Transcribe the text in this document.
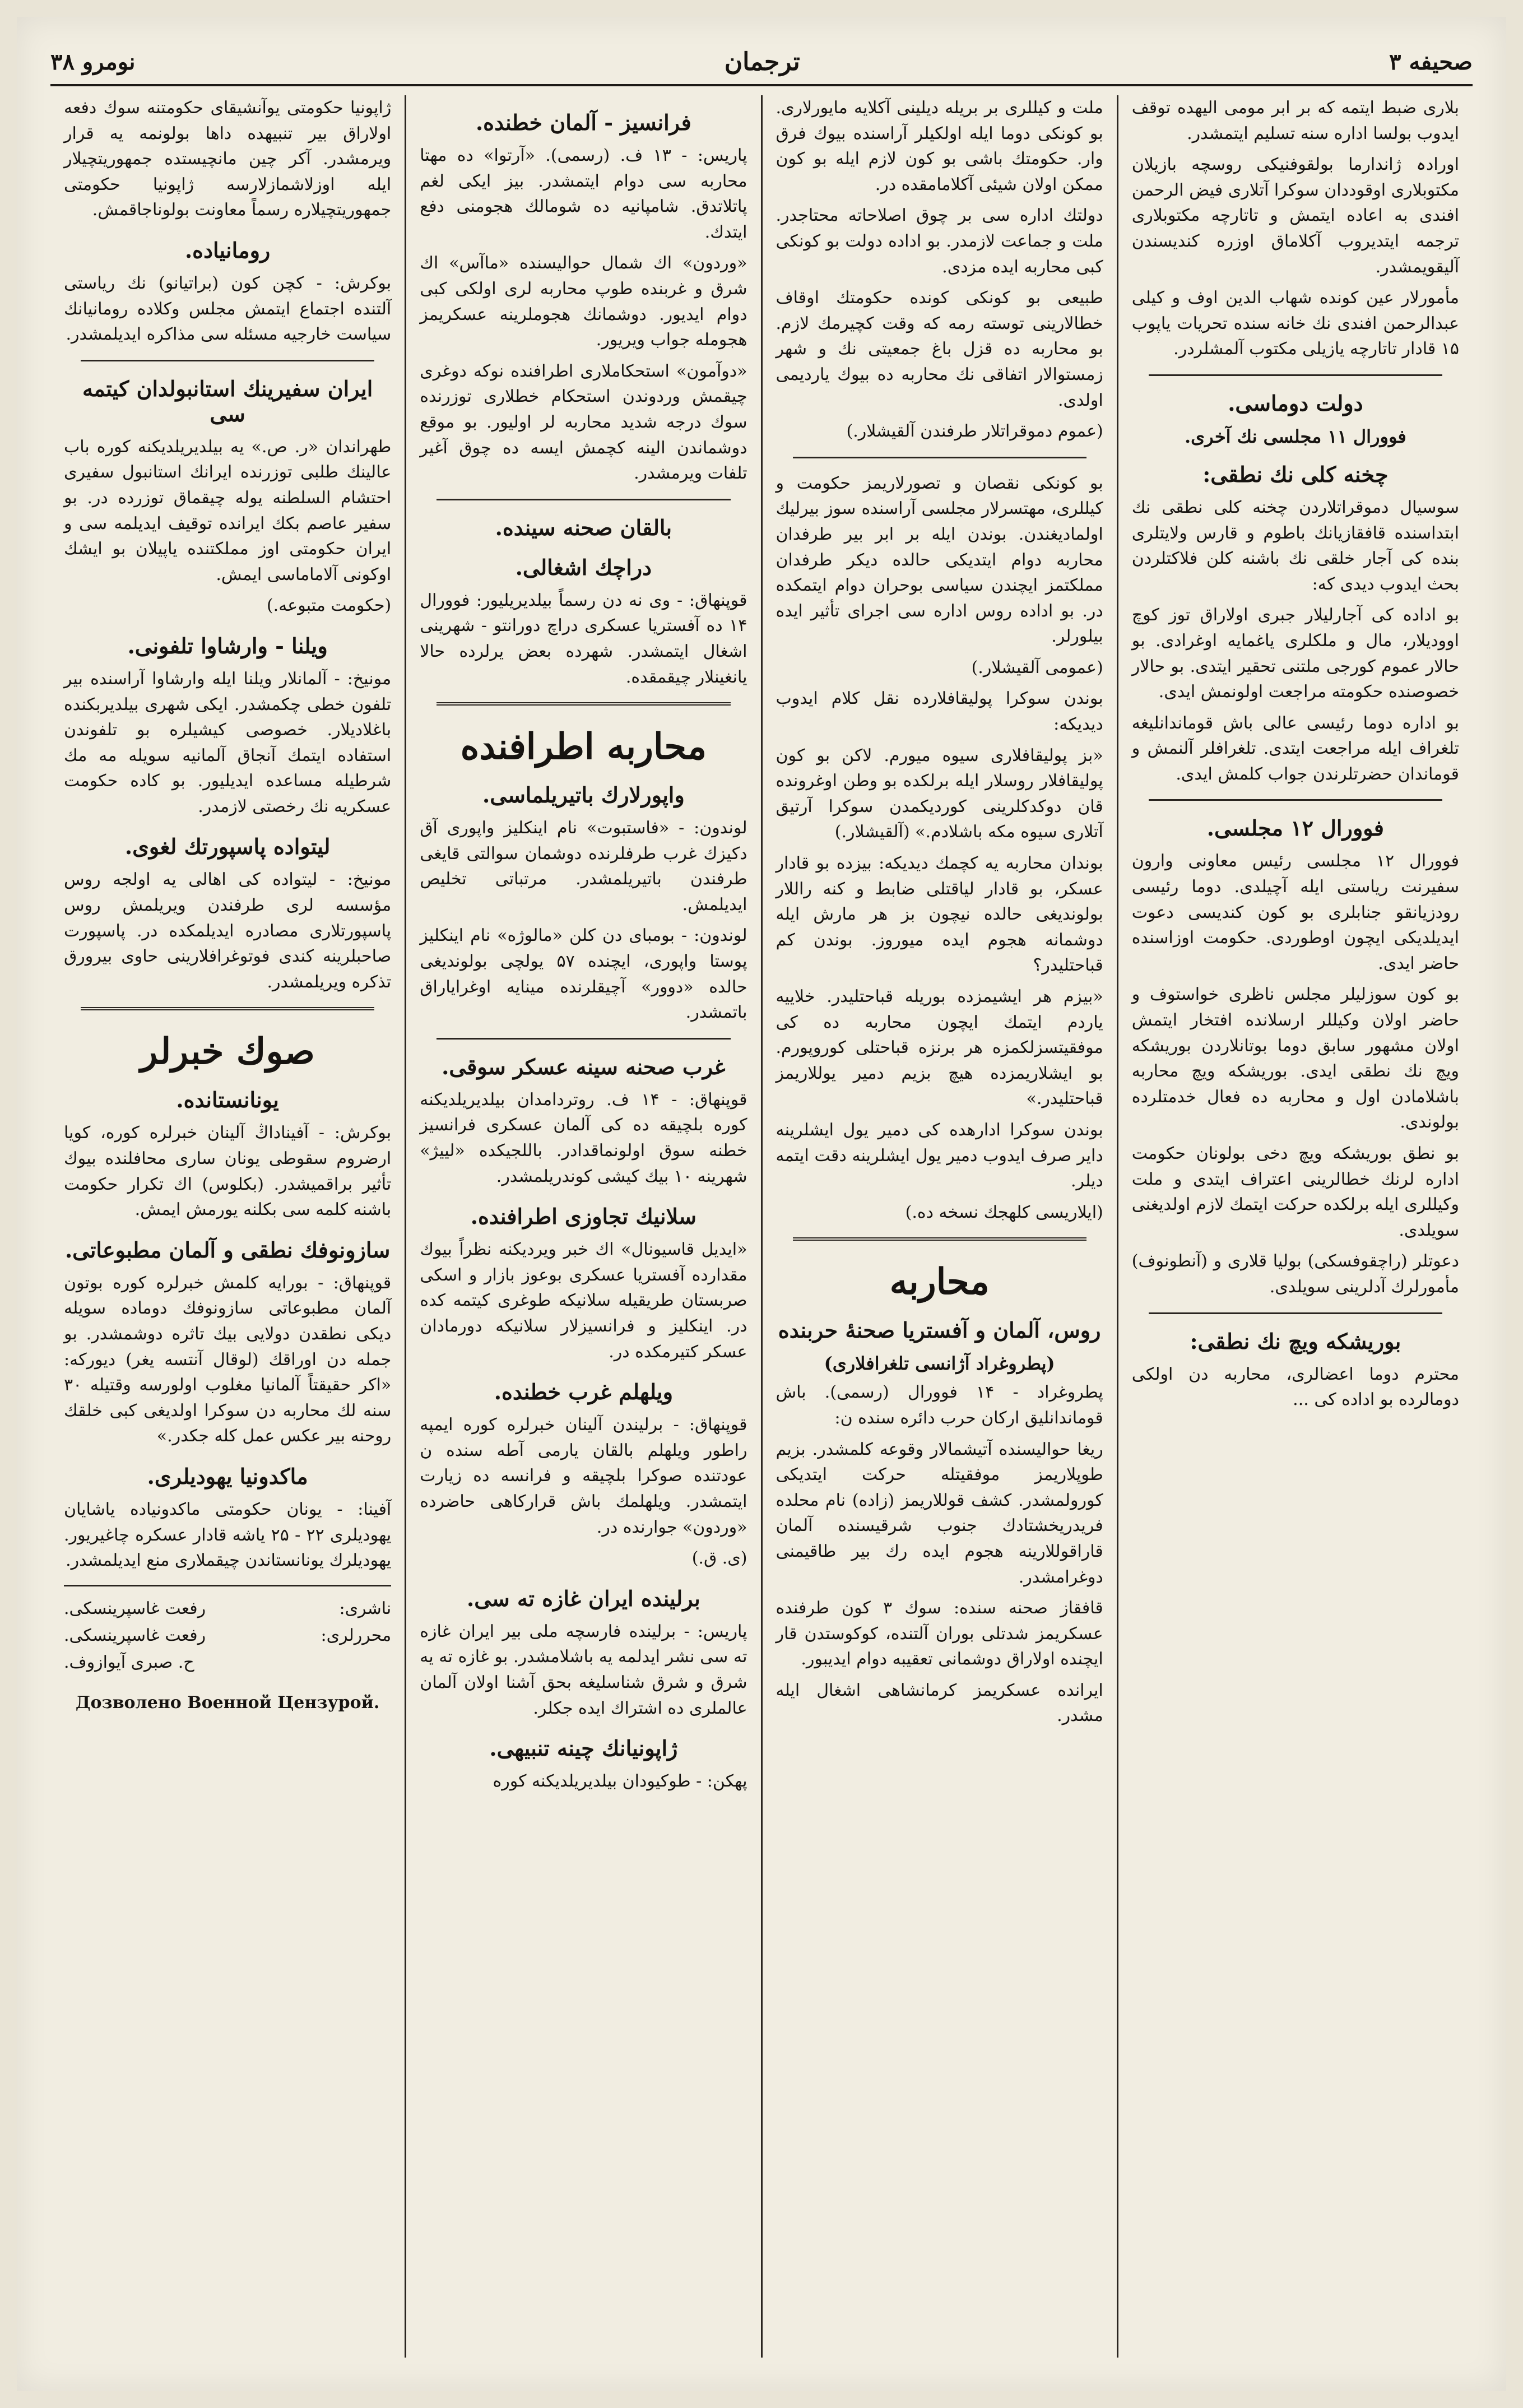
صحيفه ٣
ترجمان
نومرو ٣٨

بلاری ضبط ایتمه که بر ابر مومی الیهده توقف ایدوب بولسا اداره سنه تسلیم ایتمشدر.

اورادہ ژاندارما بولقوفنیکی روسچه بازیلان مکتوبلاری اوقوددان سوکرا آتلاری فیض الرحمن افندی به اعاده ایتمش و تاتارچه مکتوبلاری ترجمه ایتدیروب آکلاماق اوزره کندیسندن آلیقویمشدر.

مأمورلار عین کونده شهاب الدین اوف و کیلی عبدالرحمن افندی نك خانه سنده تحریات یاپوب ۱۵ قادار تاتارچه یازیلی مکتوب آلمشلردر.

دولت دوماسی.
فوورال ۱۱ مجلسی نك آخری.
چخنه کلی نك نطقی:

سوسیال دموقراتلاردن چخنه کلی نطقی نك ابتداسنده قافقازیانك باطوم و قارس ولایتلری بنده کی آجار خلقی نك باشنه کلن فلاکتلردن بحث ایدوب دیدی که:

بو اداده کی آجارلیلار جبری اولاراق توز کوچ اوودیلار، مال و ملکلری یاغمایه اوغرادی. بو حالار عموم کورجی ملتنی تحقیر ایتدی. بو حالار خصوصنده حکومته مراجعت اولونمش ایدی.

بو اداره دوما رئیسی عالی باش قوماندانلیغه تلغراف ایله مراجعت ایتدی. تلغرافلر آلنمش و قوماندان حضرتلرندن جواب کلمش ایدی.

فوورال ۱۲ مجلسی.

فوورال ۱۲ مجلسی رئیس معاونی وارون سفیرنت ریاستی ایله آچیلدی. دوما رئیسی رودزیانقو جنابلری بو کون کندیسی دعوت ایدیلدیکی ایچون اوطوردی. حکومت اوزاسنده حاضر ایدی.

بو کون سوزلیلر مجلس ناظری خواستوف و حاضر اولان وکیللر ارسلانده افتخار ایتمش اولان مشهور سابق دوما بوتانلاردن بوریشکه ویچ نك نطقی ایدی. بوریشکه ویچ محاربه باشلامادن اول و محاربه ده فعال خدمتلرده بولوندی.

بو نطق بوریشکه ویچ دخی بولونان حکومت اداره لرنك خطالرینی اعتراف ایتدی و ملت وکیللری ایله برلکده حرکت ایتمك لازم اولدیغنی سویلدی.

دعوتلر (راچقوفسکی) بولیا قلاری و (آنطونوف) مأمورلرك آدلرینی سویلدی.

بوریشکه ویچ نك نطقی:

محترم دوما اعضالری، محاربه دن اولکی دومالرده بو اداده کی ...

ملت و کیللری بر بریله دیلینی آکلایه مایورلاری. بو کونکی دوما ایله اولکیلر آراسنده بیوك فرق وار. حکومتك باشی بو کون لازم ایله بو کون ممکن اولان شیئی آکلامامقده در.

دولتك اداره سی بر چوق اصلاحاته محتاجدر. ملت و جماعت لازمدر. بو اداده دولت بو کونکی کبی محاربه ایده مزدی.

طبیعی بو کونکی کونده حکومتك اوقاف خطالارینی توسته رمه که وقت کچیرمك لازم. بو محاربه ده قزل باغ جمعیتی نك و شهر زمستوالار اتفاقی نك محاربه ده بیوك یاردیمی اولدی.

(عموم دموقراتلار طرفندن آلقیشلار.)

بو کونکی نقصان و تصورلاریمز حکومت و کیللری، مهتسرلار مجلسی آراسنده سوز بیرلیك اولمادیغندن. بوندن ایله بر ابر بیر طرفدان محاربه دوام ایتدیکی حالده دیکر طرفدان مملکتمز ایچندن سیاسی بوحران دوام ایتمکده در. بو اداده روس اداره سی اجرای تأثیر ایده بیلورلر.

(عمومی آلقیشلار.)

بوندن سوکرا پولیقافلارده نقل کلام ایدوب دیدیکه:

«بز پولیقافلاری سیوه میورم. لاکن بو کون پولیقافلار روسلار ایله برلکده بو وطن اوغرونده قان دوکدکلرینی کوردیکمدن سوکرا آرتیق آتلاری سیوه مکه باشلادم.» (آلقیشلار.)

بوندان محاربه یه کچمك دیدیکه: بیزده بو قادار عسکر، بو قادار لیاقتلی ضابط و کنه راللار بولوندیغی حالده نیچون بز هر مارش ایله دوشمانه هجوم ایده میوروز. بوندن کم قباحتلیدر؟

«بیزم هر ایشیمزده بوریله قباحتلیدر. خلاییه یاردم ایتمك ایچون محاربه ده کی موفقیتسزلکمزه هر برنزه قباحتلی کوروپورم. بو ایشلاریمزده هیچ بزیم دمیر یوللاریمز قباحتلیدر.»

بوندن سوکرا ادارهده کی دمیر یول ایشلرینه دایر صرف ایدوب دمیر یول ایشلرینه دقت ایتمه دیلر.

(ایلاریسی کلهجك نسخه ده.)

محاربه
روس، آلمان و آفستریا صحنهٔ حربنده
(پطروغراد آژانسی تلغرافلاری)

پطروغراد - ۱۴ فوورال (رسمی). باش قوماندانلیق ارکان حرب دائره سنده ن:

ریغا حوالیسنده آتیشمالار وقوعه کلمشدر. بزیم طوپلاریمز موفقیتله حرکت ایتدیکی کورولمشدر. کشف قوللاریمز (زاده) نام محلده فریدریخشتادك جنوب شرقیسنده آلمان قاراقوللارینه هجوم ایده رك بیر طاقیمنی دوغرامشدر.

قافقاز صحنه سنده: سوك ۳ کون طرفنده عسکریمز شدتلی بوران آلتنده، کوکوستدن قار ایچنده اولاراق دوشمانی تعقیبه دوام ایدیبور.

ایرانده عسکریمز کرمانشاهی اشغال ایله مشدر.

فرانسیز - آلمان خطنده.

پاریس: - ۱۳ ف. (رسمی). «آرتوا» ده مهتا محاربه سی دوام ایتمشدر. بیز ایکی لغم پاتلاتدق. شامپانیه ده شومالك هجومنی دفع ایتدك.

«وردون» اك شمال حوالیسنده «ماآس» اك شرق و غربنده طوپ محاربه لری اولکی کبی دوام ایدیور. دوشمانك هجوملرینه عسکریمز هجومله جواب ویریور.

«دوآمون» استحکاملاری اطرافنده نوکه دوغری چیقمش وردوندن استحکام خطلاری توزرنده سوك درجه شدید محاربه لر اولیور. بو موقع دوشماندن الینه کچمش ایسه ده چوق آغیر تلفات ویرمشدر.

بالقان صحنه سینده.
دراچك اشغالی.

قوپنهاق: - وی نه دن رسماً بیلدیریلیور: فوورال ۱۴ ده آفستریا عسکری دراچ دورانتو - شهرینی اشغال ایتمشدر. شهرده بعض یرلرده حالا یانغینلار چیقمقده.

محاربه اطرافنده
واپورلارك باتیریلماسی.

لوندون: - «فاستبوت» نام اینکلیز واپوری آق دکیزك غرب طرفلرنده دوشمان سوالتی قایغی طرفندن باتیریلمشدر. مرتباتی تخلیص ایدیلمش.

لوندون: - بومبای دن کلن «مالوژه» نام اینکلیز پوستا واپوری، ایچنده ۵۷ یولچی بولوندیغی حالده «دوور» آچیقلرنده مینایه اوغرایاراق باتمشدر.

غرب صحنه سینه عسکر سوقی.

قوپنهاق: - ۱۴ ف. روتردامدان بیلدیریلدیکنه کوره بلچیقه ده کی آلمان عسکری فرانسیز خطنه سوق اولونماقدادر. باللجیکده «لییژ» شهرینه ۱۰ بیك کیشی کوندریلمشدر.

سلانیك تجاوزی اطرافنده.

«ایدیل قاسیونال» اك خبر ویردیکنه نظراً بیوك مقدارده آفستریا عسکری بوعوز بازار و اسکی صربستان طریقیله سلانیکه طوغری کیتمه کده در. اینکلیز و فرانسیزلار سلانیکه دورمادان عسکر کتیرمکده در.

ویلهلم غرب خطنده.

قوپنهاق: - برلیندن آلینان خبرلره کوره ایمپه راطور ویلهلم بالقان یارمی آطه سنده ن عودتنده صوکرا بلچیقه و فرانسه ده زیارت ایتمشدر. ویلهلمك باش قرارکاهی حاضرده «وردون» جوارنده در.

(ی. ق.)

برلینده ایران غازه ته سی.

پاریس: - برلینده فارسچه ملی بیر ایران غازه ته سی نشر ایدلمه یه باشلامشدر. بو غازه ته یه شرق و شرق شناسلیغه بحق آشنا اولان آلمان عالملری ده اشتراك ایده جکلر.

ژاپونیانك چینه تنبیهی.

پهکن: - طوکیودان بیلدیریلدیکنه کوره

ژاپونیا حکومتی یوآنشیقای حکومتنه سوك دفعه اولاراق بیر تنبیهده داها بولونمه یه قرار ویرمشدر. آکر چین مانچیستده جمهوریتچیلار ایله اوزلاشمازلارسه ژاپونیا حکومتی جمهوریتچیلاره رسماً معاونت بولوناجاقمش.

رومانیاده.

بوکرش: - کچن کون (براتیانو) نك ریاستی آلتنده اجتماع ایتمش مجلس وکلاده رومانیانك سیاست خارجیه مسئله سی مذاکره ایدیلمشدر.

ایران سفیرینك استانبولدان کیتمه سی

طهراندان «ر. ص.» یه بیلدیریلدیکنه کوره باب عالینك طلبی توزرنده ایرانك استانبول سفیری احتشام السلطنه یوله چیقماق توزرده در. بو سفیر عاصم بکك ایرانده توقیف ایدیلمه سی و ایران حکومتی اوز مملکتنده یاپیلان بو ایشك اوکونی آلاماماسی ایمش.

(حکومت متبوعه.)

ویلنا - وارشاوا تلفونی.

مونیخ: - آلمانلار ویلنا ایله وارشاوا آراسنده بیر تلفون خطی چکمشدر. ایکی شهری بیلدیربکنده باغلادیلار. خصوصی کیشیلره بو تلفوندن استفاده ایتمك آنجاق آلمانیه سویله مه مك شرطیله مساعده ایدیلیور. بو کاده حکومت عسکریه نك رخصتی لازمدر.

لیتواده پاسپورتك لغوی.

مونیخ: - لیتواده کی اهالی یه اولجه روس مؤسسه لری طرفندن ویریلمش روس پاسپورتلاری مصادره ایدیلمکده در. پاسپورت صاحبلرینه کندی فوتوغرافلارینی حاوی بیرورق تذکره ویریلمشدر.

صوك خبرلر
یونانستانده.

بوکرش: - آفیناداڭ آلینان خبرلره کوره، کویا ارضروم سقوطی یونان ساری محافلنده بیوك تأثیر براقمیشدر. (بکلوس) اك تکرار حکومت باشنه کلمه سی بکلنه یورمش ایمش.

سازونوفك نطقی و آلمان مطبوعاتی.

قوپنهاق: - بورایه کلمش خبرلره کوره بوتون آلمان مطبوعاتی سازونوفك دوماده سویله دیکی نطقدن دولایی بیك تاثره دوشمشدر. بو جمله دن اوراقك (لوقال آنتسه یغر) دیورکه: «اکر حقیقتاً آلمانیا مغلوب اولورسه وقتیله ۳۰ سنه لك محاربه دن سوکرا اولدیغی کبی خلقك روحنه بیر عکس عمل کله جکدر.»

ماکدونیا یهودیلری.

آفینا: - یونان حکومتی ماکدونیاده یاشایان یهودیلری ۲۲ - ۲۵ یاشه قادار عسکره چاغیریور. یهودیلرك یونانستاندن چیقملاری منع ایدیلمشدر.

ناشری:
رفعت غاسپرینسکی.
محررلری:
رفعت غاسپرینسکی.
ح. صبری آیوازوف.
Дозволено Военной Цензурой.
